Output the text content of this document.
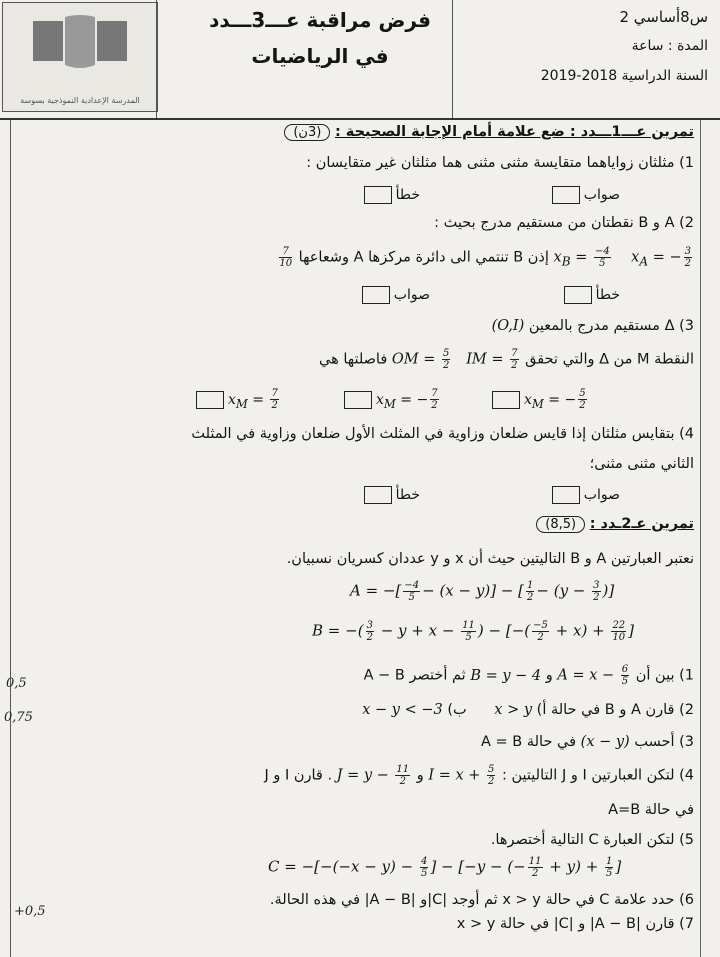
المدرسة الإعدادية النموذجية بسوسة
فرض مراقبة عـــ3ـــدد
في الرياضيات
س8أساسي 2
المدة : ساعة
السنة الدراسية 2018-2019
0,5
0,75
+0,5
تمرين عـــ1ـــدد : ضع علامة أمام الإجابة الصحيحة : (3ن)
1) مثلثان زواياهما متقايسة مثنى مثنى هما مثلثان غير متقايسان :
صواب
خطأ
2) A و B نقطتان من مستقيم مدرج بحيث :
$x_A$ = − $\frac{3}{2}$
$x_B = \frac{-4}{5}$
إذن B تنتمي الى دائرة مركزها A وشعاعها
$\frac{7}{10}$
خطأ
صواب
3) Δ مستقيم مدرج بالمعين (O,I)
النقطة M من Δ والتي تحقق IM = $\frac{7}{2}$
OM = $\frac{5}{2}$
فاصلتها هي
$x_M$ = − $\frac{5}{2}$
$x_M$ = − $\frac{7}{2}$
$x_M = \frac{7}{2}$
4) بتقايس مثلثان إذا قايس ضلعان وزاوية في المثلث الأول ضلعان وزاوية في المثلث
الثاني مثنى مثنى؛
صواب
خطأ
تمرين عـ2ـدد : (8,5)
نعتبر العبارتين A و B التاليتين حيث أن x و y عددان كسريان نسبيان.
A = −[ $\frac{-4}{5} - (x - y)$] − [ $\frac{1}{2} - (y - \frac{3}{2}$ )]
B = −( $\frac{3}{2} - y + x - \frac{11}{5}$ ) − [−( $\frac{-5}{2} + x) + \frac{22}{10}$ ]
1) بين أن $A = x - \frac{6}{5}$
و B = y − 4 ثم أختصر A − B
2) قارن A و B في حالة أ) x > y      ب) x − y < −3
3) أحسب (x − y) في حالة A = B
4) لتكن العبارتين I و J التاليتين : $I = x + \frac{5}{2}$
و $J = y - \frac{11}{2}$
. قارن I و J
في حالة A=B
5) لتكن العبارة C التالية أختصرها.
$C = -[-(-x - y) - \frac{4}{5}$ ] − [−y − (− $\frac{11}{2} + y) + \frac{1}{5}$ ]
6) حدد علامة C في حالة x > y ثم أوجد |C|و |A − B| في هذه الحالة.
7) قارن |A − B| و |C| في حالة x > y
